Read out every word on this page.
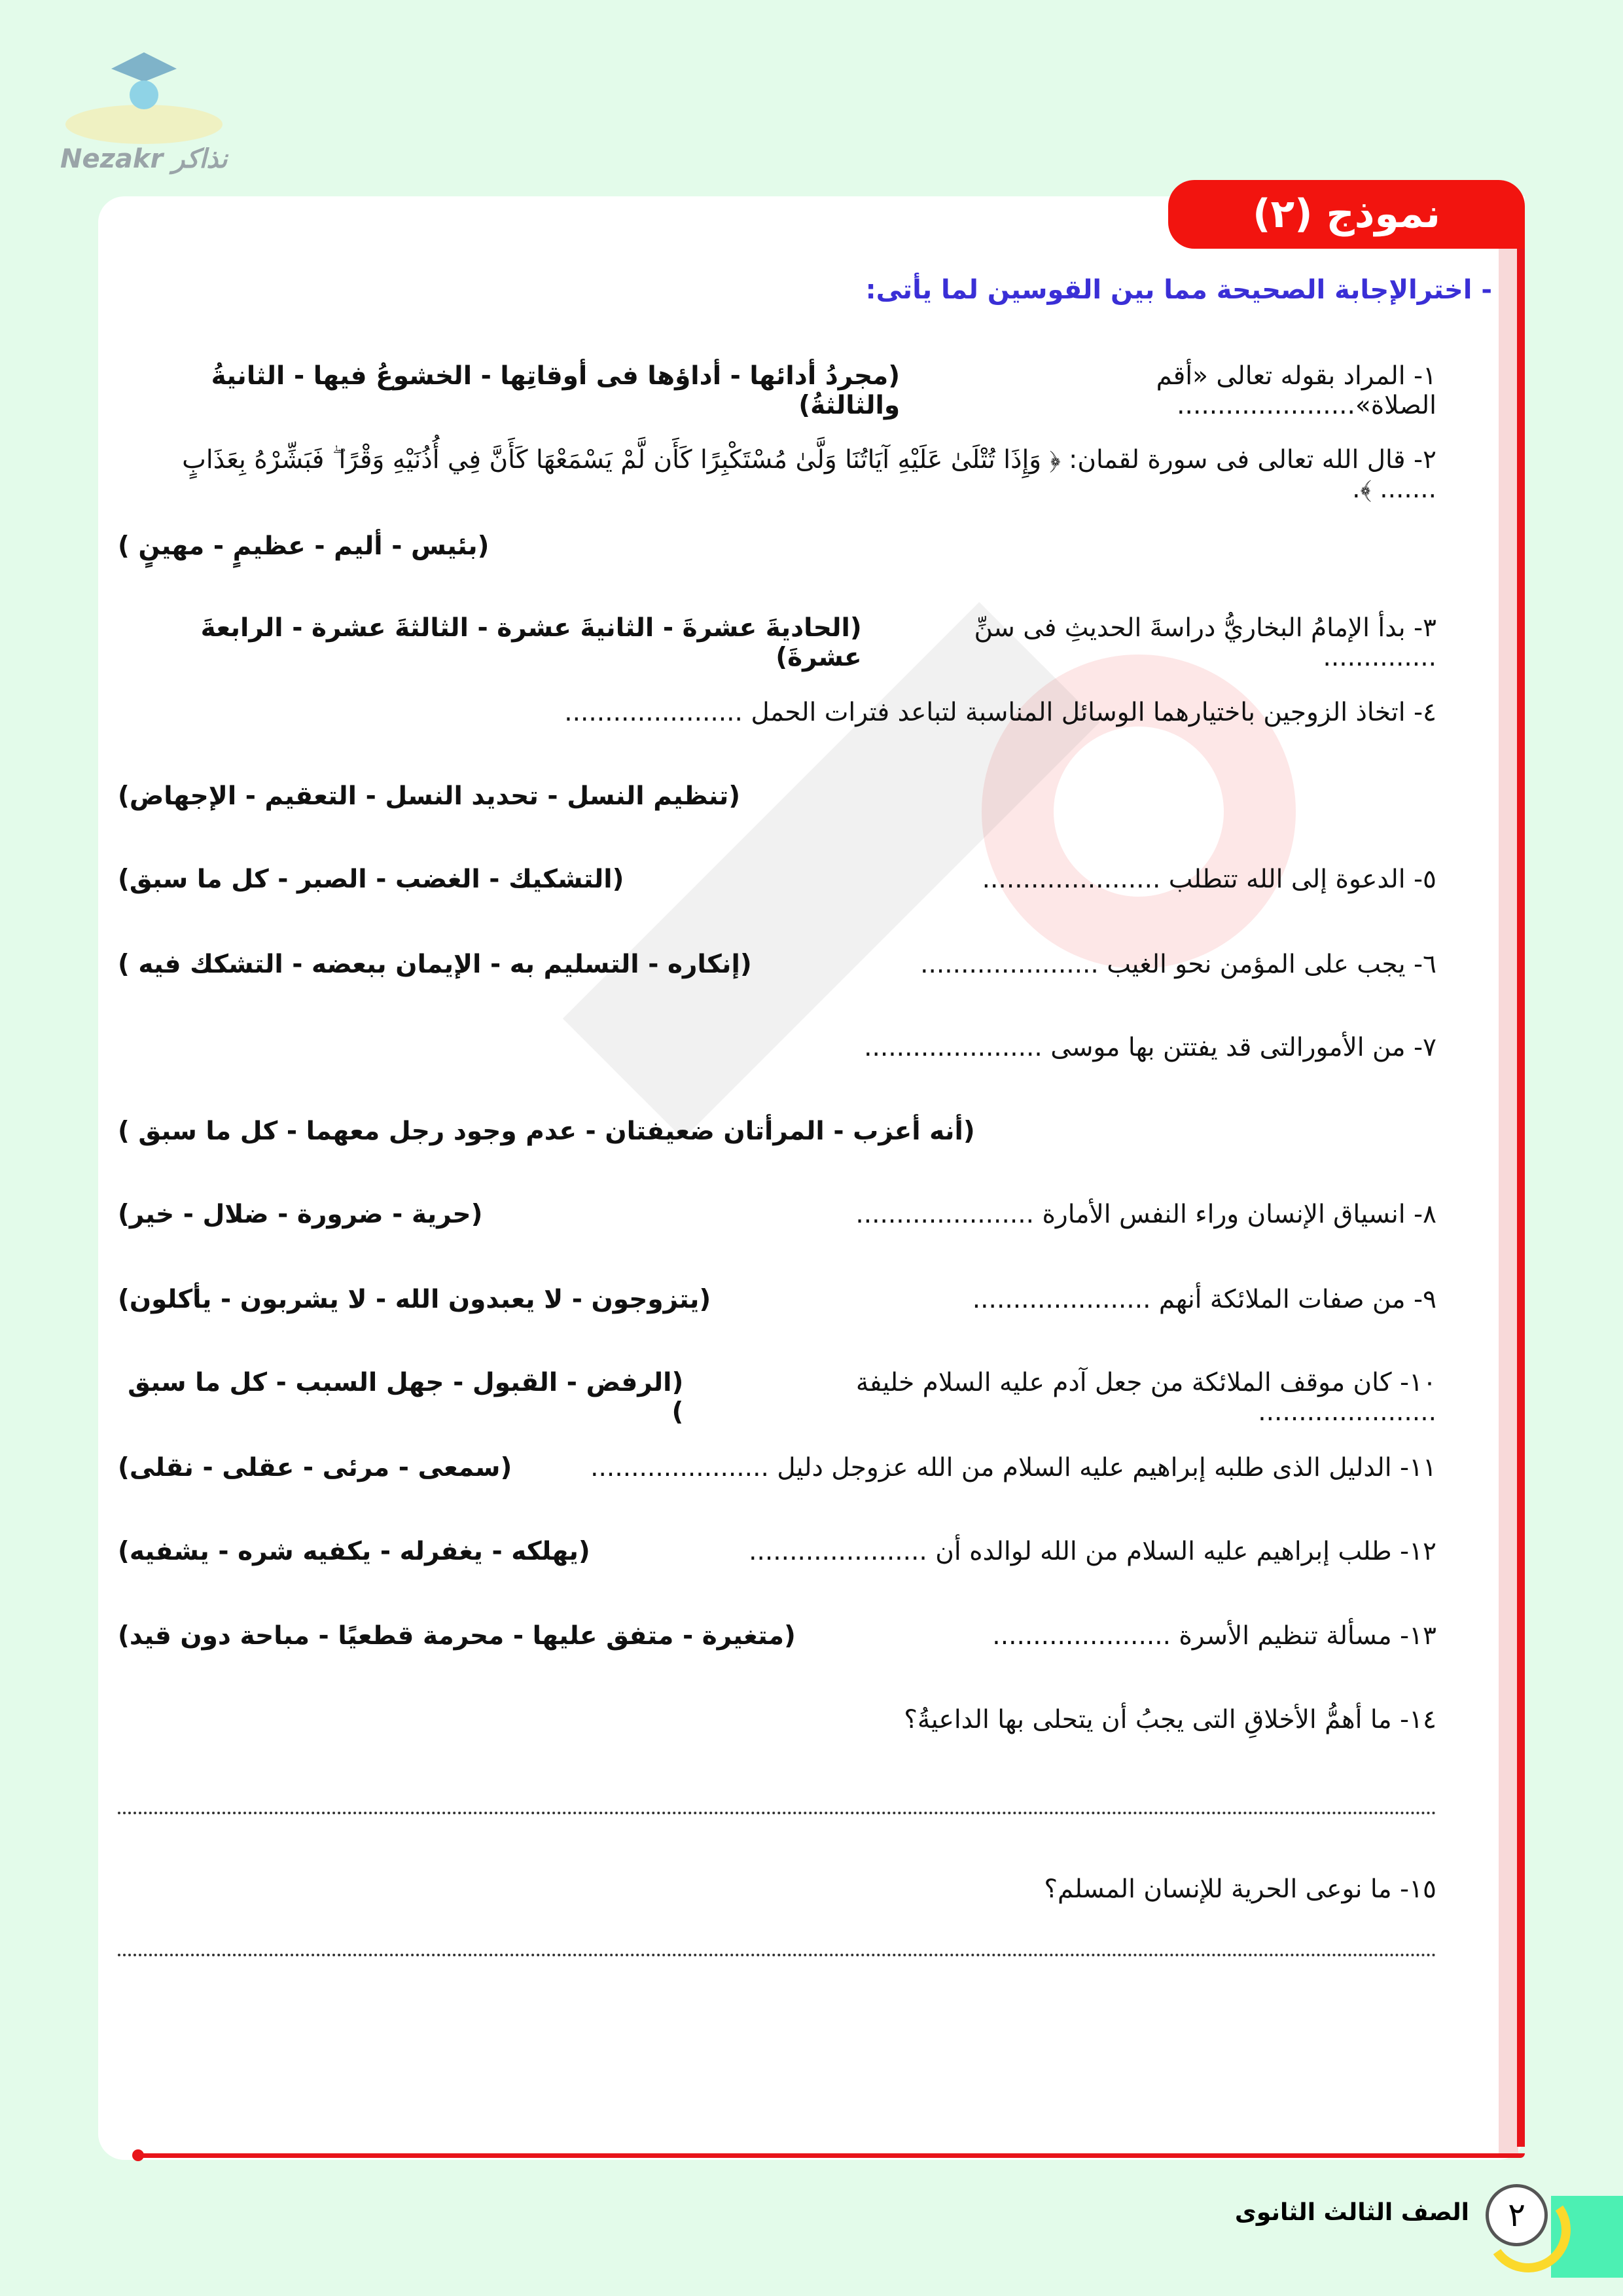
Nezakr نذاكر
نموذج (٢)
- اخترالإجابة الصحيحة مما بين القوسين لما يأتى:
١- المراد بقوله تعالى «أقم الصلاة»......................
(مجردُ أدائها - أداؤها فى أوقاتِها - الخشوعُ فيها - الثانيةُ والثالثةُ)
٢- قال الله تعالى فى سورة لقمان: ﴿ وَإِذَا تُتْلَىٰ عَلَيْهِ آيَاتُنَا وَلَّىٰ مُسْتَكْبِرًا كَأَن لَّمْ يَسْمَعْهَا كَأَنَّ فِي أُذُنَيْهِ وَقْرًا ۖ فَبَشِّرْهُ بِعَذَابٍ ....... ﴾.
(بئيس - أليم - عظيمٍ - مهينٍ )
٣- بدأ الإمامُ البخاريُّ دراسةَ الحديثِ فى سنِّ ..............
(الحاديةَ عشرةَ - الثانيةَ عشرة - الثالثةَ عشرة - الرابعةَ عشرةَ)
٤- اتخاذ الزوجين باختيارهما الوسائل المناسبة لتباعد فترات الحمل ......................
(تنظيم النسل - تحديد النسل - التعقيم - الإجهاض)
٥- الدعوة إلى الله تتطلب ......................
(التشكيك - الغضب - الصبر - كل ما سبق)
٦- يجب على المؤمن نحو الغيب ......................
(إنكاره - التسليم به - الإيمان ببعضه - التشكك فيه )
٧- من الأمورالتى قد يفتتن بها موسى ......................
(أنه أعزب - المرأتان ضعيفتان - عدم وجود رجل معهما - كل ما سبق )
٨- انسياق الإنسان وراء النفس الأمارة ......................
(حرية - ضرورة - ضلال - خير)
٩- من صفات الملائكة أنهم ......................
(يتزوجون - لا يعبدون الله - لا يشربون - يأكلون)
١٠- كان موقف الملائكة من جعل آدم عليه السلام خليفة ......................
(الرفض - القبول - جهل السبب - كل ما سبق )
١١- الدليل الذى طلبه إبراهيم عليه السلام من الله عزوجل دليل ......................
(سمعى - مرئى - عقلى - نقلى)
١٢- طلب إبراهيم عليه السلام من الله لوالده أن ......................
(يهلكه - يغفرله - يكفيه شره - يشفيه)
١٣- مسألة تنظيم الأسرة ......................
(متغيرة - متفق عليها - محرمة قطعيًا - مباحة دون قيد)
١٤- ما أهمُّ الأخلاقِ التى يجبُ أن يتحلى بها الداعيةُ؟
١٥- ما نوعى الحرية للإنسان المسلم؟
٢
الصف الثالث الثانوى
